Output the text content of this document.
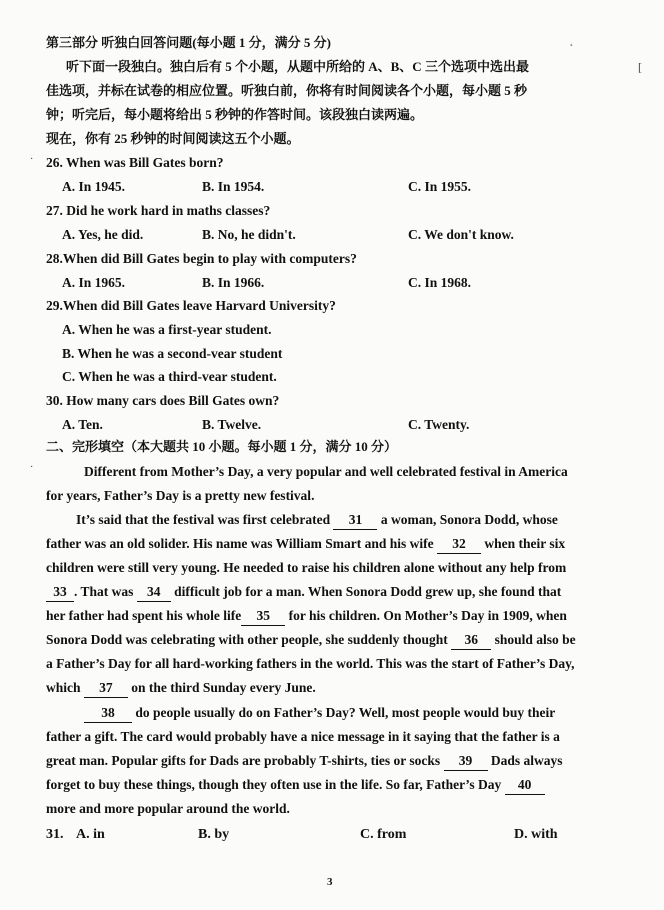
第三部分 听独白回答问题(每小题 1 分，满分 5 分)
听下面一段独白。独白后有 5 个小题，从题中所给的 A、B、C 三个选项中选出最
佳选项，并标在试卷的相应位置。听独白前，你将有时间阅读各个小题，每小题 5 秒
钟；听完后，每小题将给出 5 秒钟的作答时间。该段独白读两遍。
现在，你有 25 秒钟的时间阅读这五个小题。
26. When was Bill Gates born?
A. In 1945.	B. In 1954.	C. In 1955.
27. Did he work hard in maths classes?
A. Yes, he did.	B. No, he didn't.	C. We don't know.
28.When did Bill Gates begin to play with computers?
A. In 1965.	B. In 1966.	C. In 1968.
29.When did Bill Gates leave Harvard University?
A. When he was a first-year student.
B. When he was a second-vear student
C. When he was a third-vear student.
30. How many cars does Bill Gates own?
A. Ten.	B. Twelve.	C. Twenty.
二、完形填空（本大题共 10 小题。每小题 1 分，满分 10 分）
Different from Mother’s Day, a very popular and well celebrated festival in America
for years, Father’s Day is a pretty new festival.
It’s said that the festival was first celebrated 31 a woman, Sonora Dodd, whose
father was an old solider. His name was William Smart and his wife 32 when their six
children were still very young. He needed to raise his children alone without any help from
33 . That was 34 difficult job for a man. When Sonora Dodd grew up, she found that
her father had spent his whole life 35 for his children. On Mother’s Day in 1909, when
Sonora Dodd was celebrating with other people, she suddenly thought 36 should also be
a Father’s Day for all hard-working fathers in the world. This was the start of Father’s Day,
which 37 on the third Sunday every June.
38 do people usually do on Father’s Day? Well, most people would buy their
father a gift. The card would probably have a nice message in it saying that the father is a
great man. Popular gifts for Dads are probably T-shirts, ties or socks 39 Dads always
forget to buy these things, though they often use in the life. So far, Father’s Day 40
more and more popular around the world.
31. A. in	B. by	C. from	D. with
3
˛
[
·
·
